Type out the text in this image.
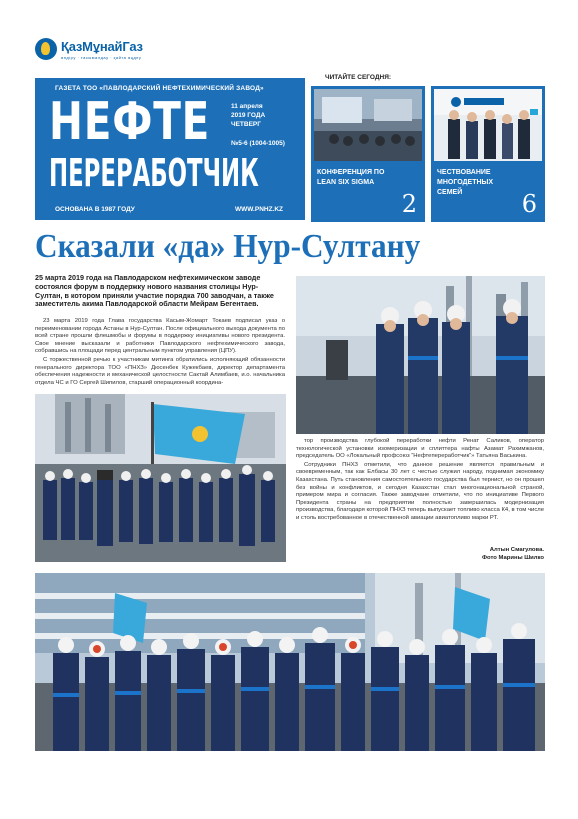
ҚазМұнайГаз
өндіру · тасымалдау · қайта өңдеу
ГАЗЕТА ТОО «ПАВЛОДАРСКИЙ НЕФТЕХИМИЧЕСКИЙ ЗАВОД»
НЕФТЕ
ПЕРЕРАБОТЧИК
11 апреля
2019 ГОДА
ЧЕТВЕРГ
№5-6 (1004-1005)
ОСНОВАНА В 1987 ГОДУ	WWW.PNHZ.KZ
ЧИТАЙТЕ СЕГОДНЯ:
КОНФЕРЕНЦИЯ ПО LEAN SIX SIGMA
2
ЧЕСТВОВАНИЕ МНОГОДЕТНЫХ СЕМЕЙ	6
Сказали «да» Нур-Султану
25 марта 2019 года на Павлодарском нефтехимическом заводе состоялся форум в поддержку нового названия столицы Нур-Султан, в котором приняли участие порядка 700 заводчан, а также заместитель акима Павлодарской области Мейрам Бегентаев.

23 марта 2019 года Глава государства Касым-Жомарт Токаев подписал указ о переименовании города Астаны в Нур-Султан. После официального выхода документа по всей стране прошли флешмобы и форумы в поддержку инициативы нового президента. Свое мнение высказали и работники Павлодарского нефтехимического завода, собравшись на площади перед центральным пунктом управления (ЦПУ).

С торжественной речью к участникам митинга обратились исполняющий обязанности генерального директора ТОО «ПНХЗ» Дюсенбек Кужекбаев, директор департамента обеспечения надежности и механической целостности Сактай Алимбаев, и.о. начальника отдела ЧС и ГО Сергей Шипилов, старший операционный координа-

тор производства глубокой переработки нефти Ренат Саликов, оператор технологической установки изомеризации и сплиттера нафты Азамат Рахимжанов, председатель ОО «Локальный профсоюз “Нефтепереработчик”» Татьяна Васькина.

Сотрудники ПНХЗ отметили, что данное решение является правильным и своевременным, так как Елбасы 30 лет с честью служил народу, поднимая экономику Казахстана. Путь становления самостоятельного государства был тернист, но он прошел без войны и конфликтов, и сегодня Казахстан стал многонациональной страной, примером мира и согласия. Также заводчане отметили, что по инициативе Первого Президента страны на предприятии полностью завершилась модернизация производства, благодаря которой ПНХЗ теперь выпускает топливо класса К4, в том числе и столь востребованное в отечественной авиации авиатопливо марки РТ.

Алтын Смагулова.
Фото Марины Шилко
